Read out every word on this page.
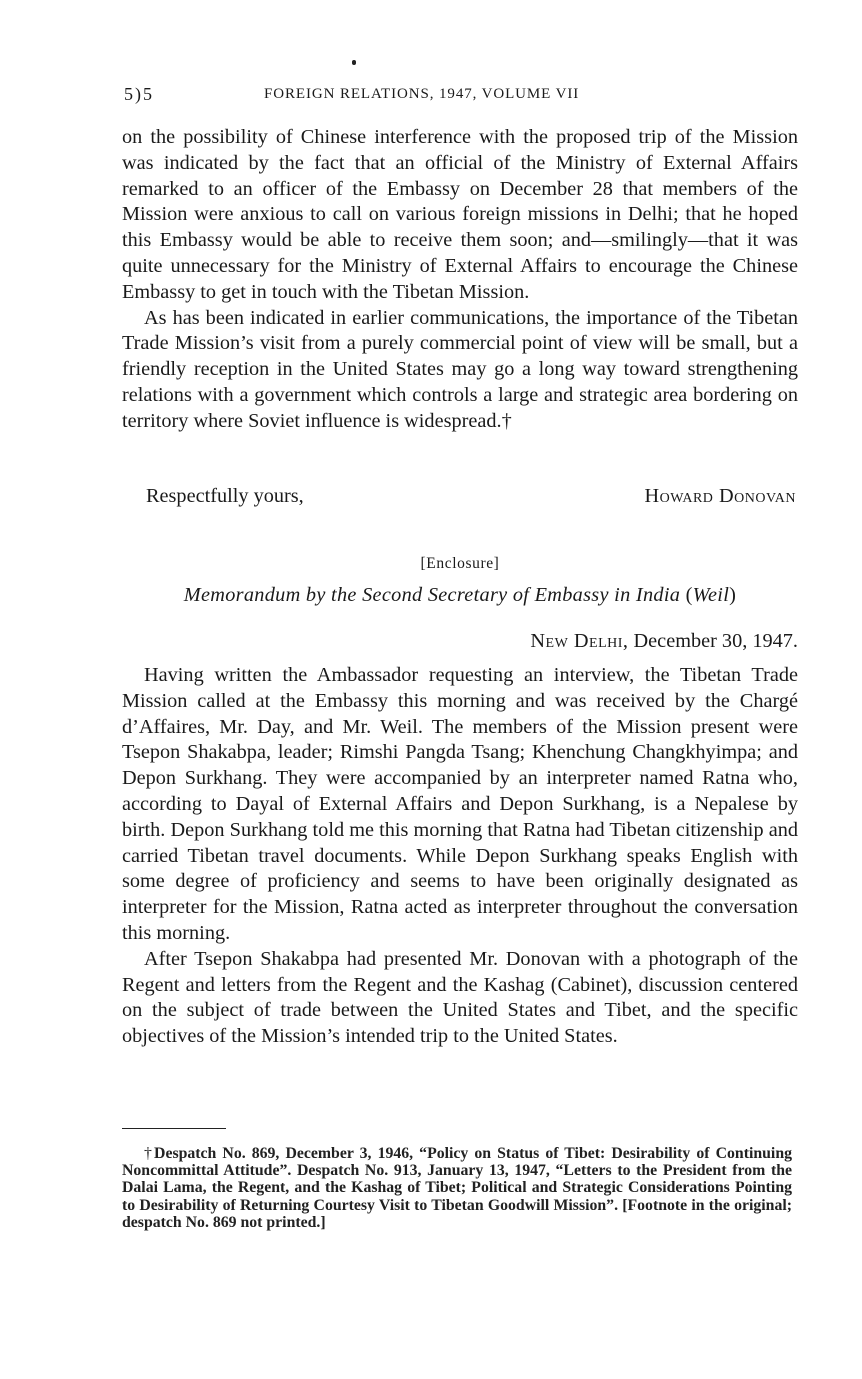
5)5	FOREIGN RELATIONS, 1947, VOLUME VII

on the possibility of Chinese interference with the proposed trip of the Mission was indicated by the fact that an official of the Ministry of External Affairs remarked to an officer of the Embassy on December 28 that members of the Mission were anxious to call on various foreign missions in Delhi; that he hoped this Embassy would be able to receive them soon; and—smilingly—that it was quite unnecessary for the Ministry of External Affairs to encourage the Chinese Embassy to get in touch with the Tibetan Mission.

As has been indicated in earlier communications, the importance of the Tibetan Trade Mission’s visit from a purely commercial point of view will be small, but a friendly reception in the United States may go a long way toward strengthening relations with a government which controls a large and strategic area bordering on territory where Soviet influence is widespread.†

Respectfully yours,	Howard Donovan
[Enclosure]
Memorandum by the Second Secretary of Embassy in India (Weil)
New Delhi, December 30, 1947.

Having written the Ambassador requesting an interview, the Tibetan Trade Mission called at the Embassy this morning and was received by the Chargé d’Affaires, Mr. Day, and Mr. Weil. The members of the Mission present were Tsepon Shakabpa, leader; Rimshi Pangda Tsang; Khenchung Changkhyimpa; and Depon Surkhang. They were accompanied by an interpreter named Ratna who, according to Dayal of External Affairs and Depon Surkhang, is a Nepalese by birth. Depon Surkhang told me this morning that Ratna had Tibetan citizenship and carried Tibetan travel documents. While Depon Surkhang speaks English with some degree of proficiency and seems to have been originally designated as interpreter for the Mission, Ratna acted as interpreter throughout the conversation this morning.

After Tsepon Shakabpa had presented Mr. Donovan with a photograph of the Regent and letters from the Regent and the Kashag (Cabinet), discussion centered on the subject of trade between the United States and Tibet, and the specific objectives of the Mission’s intended trip to the United States.

†Despatch No. 869, December 3, 1946, “Policy on Status of Tibet: Desirability of Continuing Noncommittal Attitude”. Despatch No. 913, January 13, 1947, “Letters to the President from the Dalai Lama, the Regent, and the Kashag of Tibet; Political and Strategic Considerations Pointing to Desirability of Returning Courtesy Visit to Tibetan Goodwill Mission”. [Footnote in the original; despatch No. 869 not printed.]
